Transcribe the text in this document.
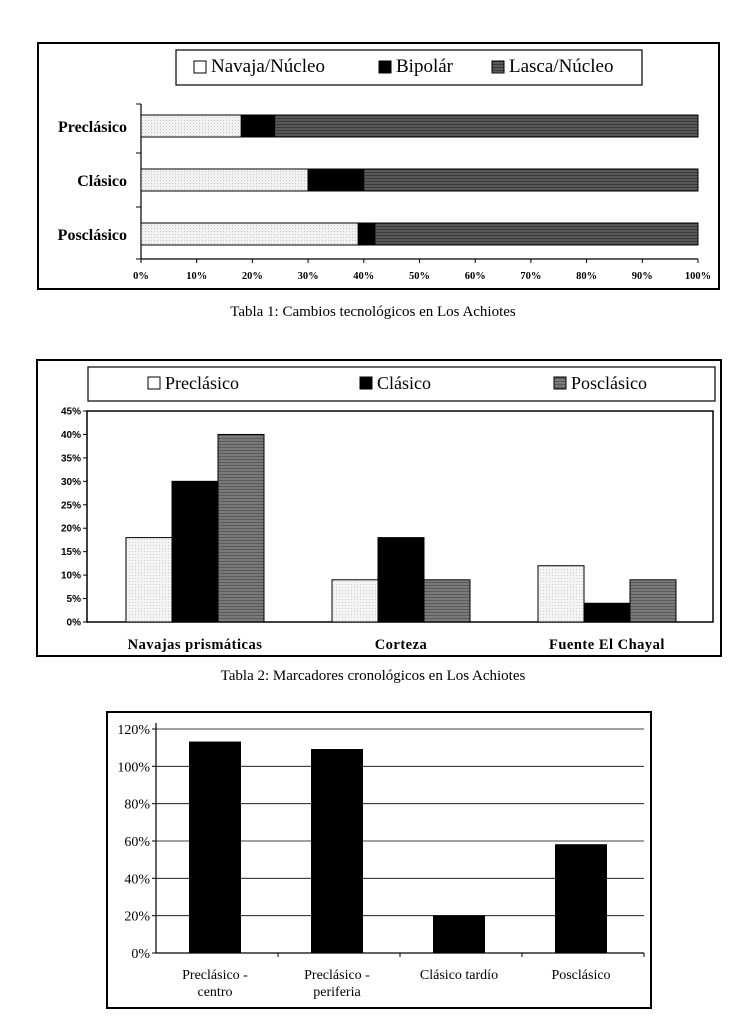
Navaja/Núcleo	Bipolár	Lasca/Núcleo
Preclásico
Clásico
Posclásico
0%	10%	20%	30%	40%	50%	60%	70%	80%	90%	100%
Tabla 1: Cambios tecnológicos en Los Achiotes
Preclásico	Clásico	Posclásico
0%
5%
10%
15%
20%
25%
30%
35%
40%
45%
Navajas prismáticas	Corteza	Fuente El Chayal
Tabla 2: Marcadores cronológicos en Los Achiotes
0%
20%
40%
60%
80%
100%
120%
Preclásico -centro
Preclásico -periferia
Clásico tardío	Posclásico
